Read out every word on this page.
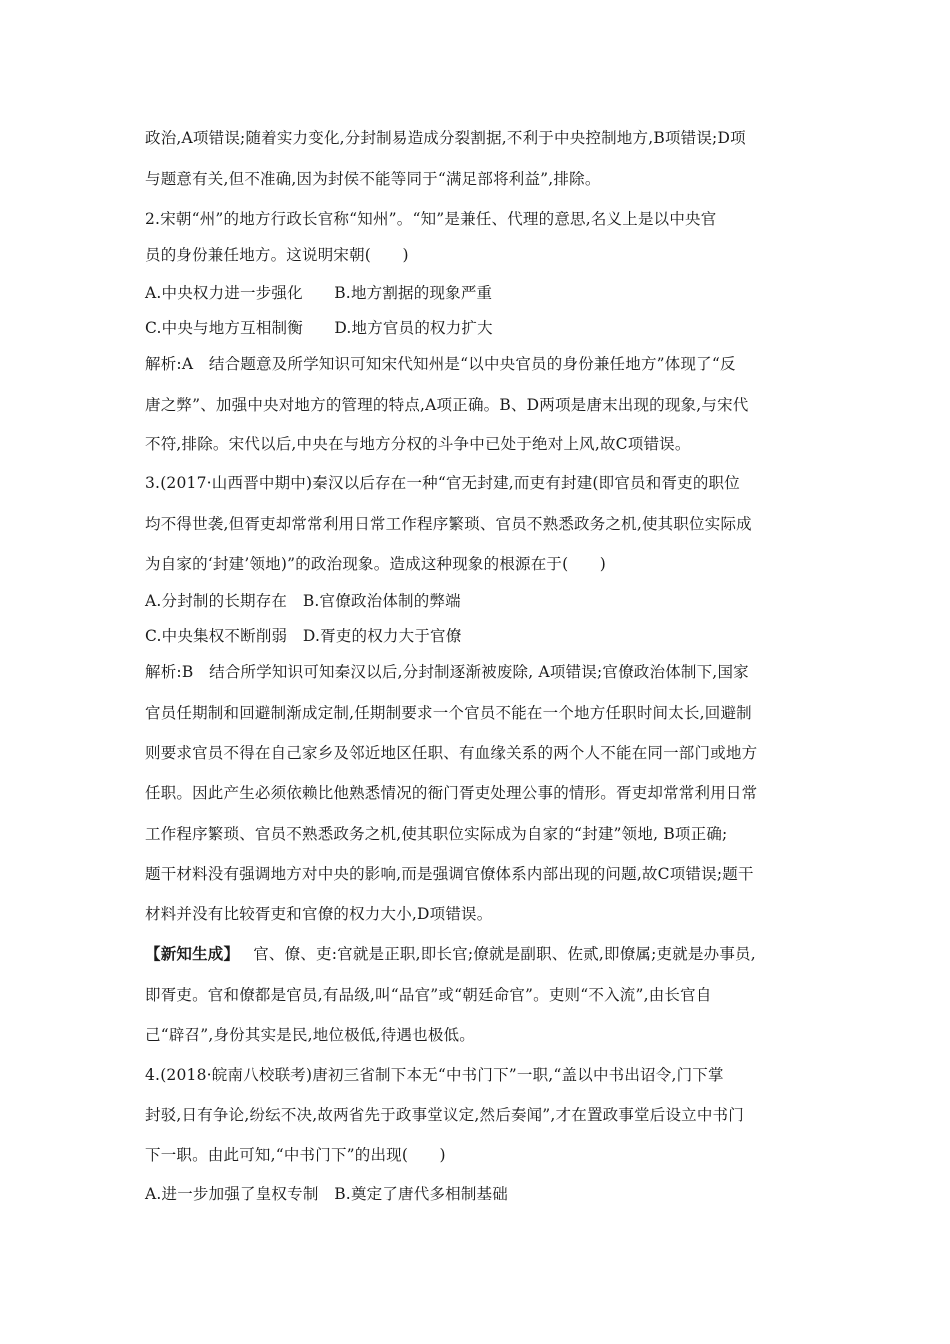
政治,A项错误;随着实力变化,分封制易造成分裂割据,不利于中央控制地方,B项错误;D项
与题意有关,但不准确,因为封侯不能等同于“满足部将利益”,排除。
2.宋朝“州”的地方行政长官称“知州”。“知”是兼任、代理的意思,名义上是以中央官
员的身份兼任地方。这说明宋朝(　　)
A.中央权力进一步强化　　B.地方割据的现象严重
C.中央与地方互相制衡　　D.地方官员的权力扩大
解析:A　结合题意及所学知识可知宋代知州是“以中央官员的身份兼任地方”体现了“反
唐之弊”、加强中央对地方的管理的特点,A项正确。B、D两项是唐末出现的现象,与宋代
不符,排除。宋代以后,中央在与地方分权的斗争中已处于绝对上风,故C项错误。
3.(2017·山西晋中期中)秦汉以后存在一种“官无封建,而吏有封建(即官员和胥吏的职位
均不得世袭,但胥吏却常常利用日常工作程序繁琐、官员不熟悉政务之机,使其职位实际成
为自家的‘封建’领地)”的政治现象。造成这种现象的根源在于(　　)
A.分封制的长期存在　B.官僚政治体制的弊端
C.中央集权不断削弱　D.胥吏的权力大于官僚
解析:B　结合所学知识可知秦汉以后,分封制逐渐被废除, A项错误;官僚政治体制下,国家
官员任期制和回避制渐成定制,任期制要求一个官员不能在一个地方任职时间太长,回避制
则要求官员不得在自己家乡及邻近地区任职、有血缘关系的两个人不能在同一部门或地方
任职。因此产生必须依赖比他熟悉情况的衙门胥吏处理公事的情形。胥吏却常常利用日常
工作程序繁琐、官员不熟悉政务之机,使其职位实际成为自家的“封建”领地, B项正确;
题干材料没有强调地方对中央的影响,而是强调官僚体系内部出现的问题,故C项错误;题干
材料并没有比较胥吏和官僚的权力大小,D项错误。
【新知生成】 官、僚、吏:官就是正职,即长官;僚就是副职、佐贰,即僚属;吏就是办事员,
即胥吏。官和僚都是官员,有品级,叫“品官”或“朝廷命官”。吏则“不入流”,由长官自
己“辟召”,身份其实是民,地位极低,待遇也极低。
4.(2018·皖南八校联考)唐初三省制下本无“中书门下”一职,“盖以中书出诏令,门下掌
封驳,日有争论,纷纭不决,故两省先于政事堂议定,然后奏闻”,才在置政事堂后设立中书门
下一职。由此可知,“中书门下”的出现(　　)
A.进一步加强了皇权专制　B.奠定了唐代多相制基础
